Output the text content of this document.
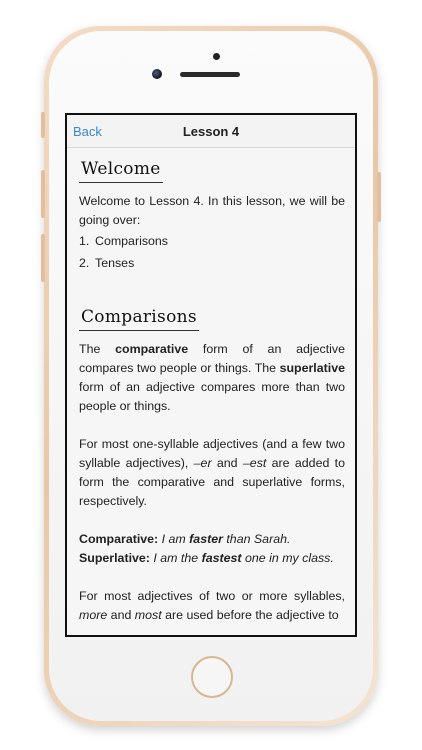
Back	Lesson 4
Welcome

Welcome to Lesson 4. In this lesson, we will be going over:

1. Comparisons
2. Tenses
Comparisons

The comparative form of an adjective compares two people or things. The superlative form of an adjective compares more than two people or things.

For most one-syllable adjectives (and a few two syllable adjectives), –er and –est are added to form the comparative and superlative forms, respectively.

Comparative: I am faster than Sarah.

Superlative: I am the fastest one in my class.

For most adjectives of two or more syllables, more and most are used before the adjective to
